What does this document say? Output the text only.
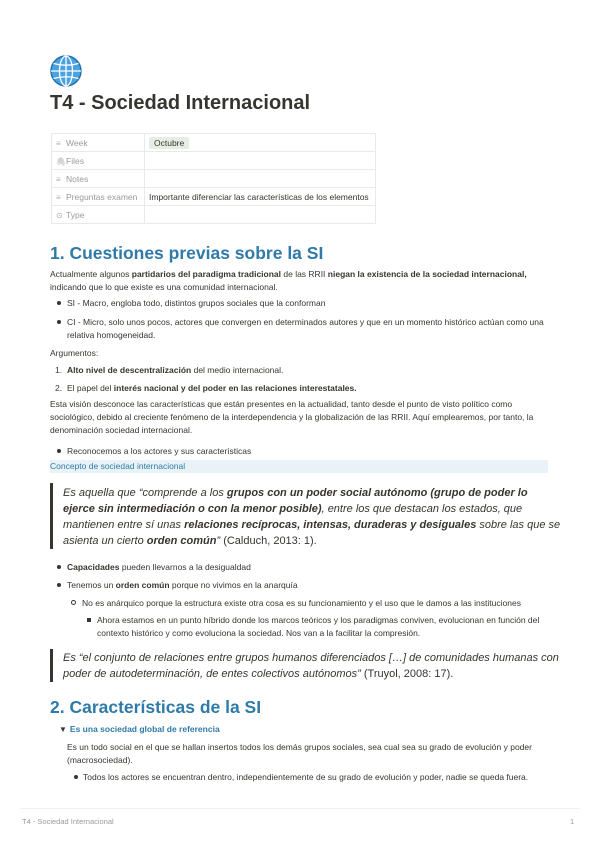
T4 - Sociedad Internacional
≡ Week	Octubre
🖇Files	
≡ Notes	
≡ Preguntas examen	Importante diferenciar las características de los elementos
⊙ Type	
1. Cuestiones previas sobre la SI
Actualmente algunos partidarios del paradigma tradicional de las RRII niegan la existencia de la sociedad internacional,
indicando que lo que existe es una comunidad internacional.
SI - Macro, engloba todo, distintos grupos sociales que la conforman
CI - Micro, solo unos pocos, actores que convergen en determinados autores y que en un momento histórico actúan como una
relativa homogeneidad.
Argumentos:
1. Alto nivel de descentralización del medio internacional.
2. El papel del interés nacional y del poder en las relaciones interestatales.
Esta visión desconoce las características que están presentes en la actualidad, tanto desde el punto de visto político como
sociológico, debido al creciente fenómeno de la interdependencia y la globalización de las RRII. Aquí emplearemos, por tanto, la
denominación sociedad internacional.
Reconocemos a los actores y sus características
Concepto de sociedad internacional
Es aquella que “comprende a los grupos con un poder social autónomo (grupo de poder lo
ejerce sin intermediación o con la menor posible), entre los que destacan los estados, que
mantienen entre sí unas relaciones recíprocas, intensas, duraderas y desiguales sobre las que se
asienta un cierto orden común” (Calduch, 2013: 1).
Capacidades pueden llevarnos a la desigualdad
Tenemos un orden común porque no vivimos en la anarquía
No es anárquico porque la estructura existe otra cosa es su funcionamiento y el uso que le damos a las instituciones
Ahora estamos en un punto híbrido donde los marcos teóricos y los paradigmas conviven, evolucionan en función del
contexto histórico y como evoluciona la sociedad. Nos van a la facilitar la compresión.
Es “el conjunto de relaciones entre grupos humanos diferenciados […] de comunidades humanas con
poder de autodeterminación, de entes colectivos autónomos” (Truyol, 2008: 17).
2. Características de la SI
▼ Es una sociedad global de referencia
Es un todo social en el que se hallan insertos todos los demás grupos sociales, sea cual sea su grado de evolución y poder
(macrosociedad).
Todos los actores se encuentran dentro, independientemente de su grado de evolución y poder, nadie se queda fuera.
T4 - Sociedad Internacional	1
